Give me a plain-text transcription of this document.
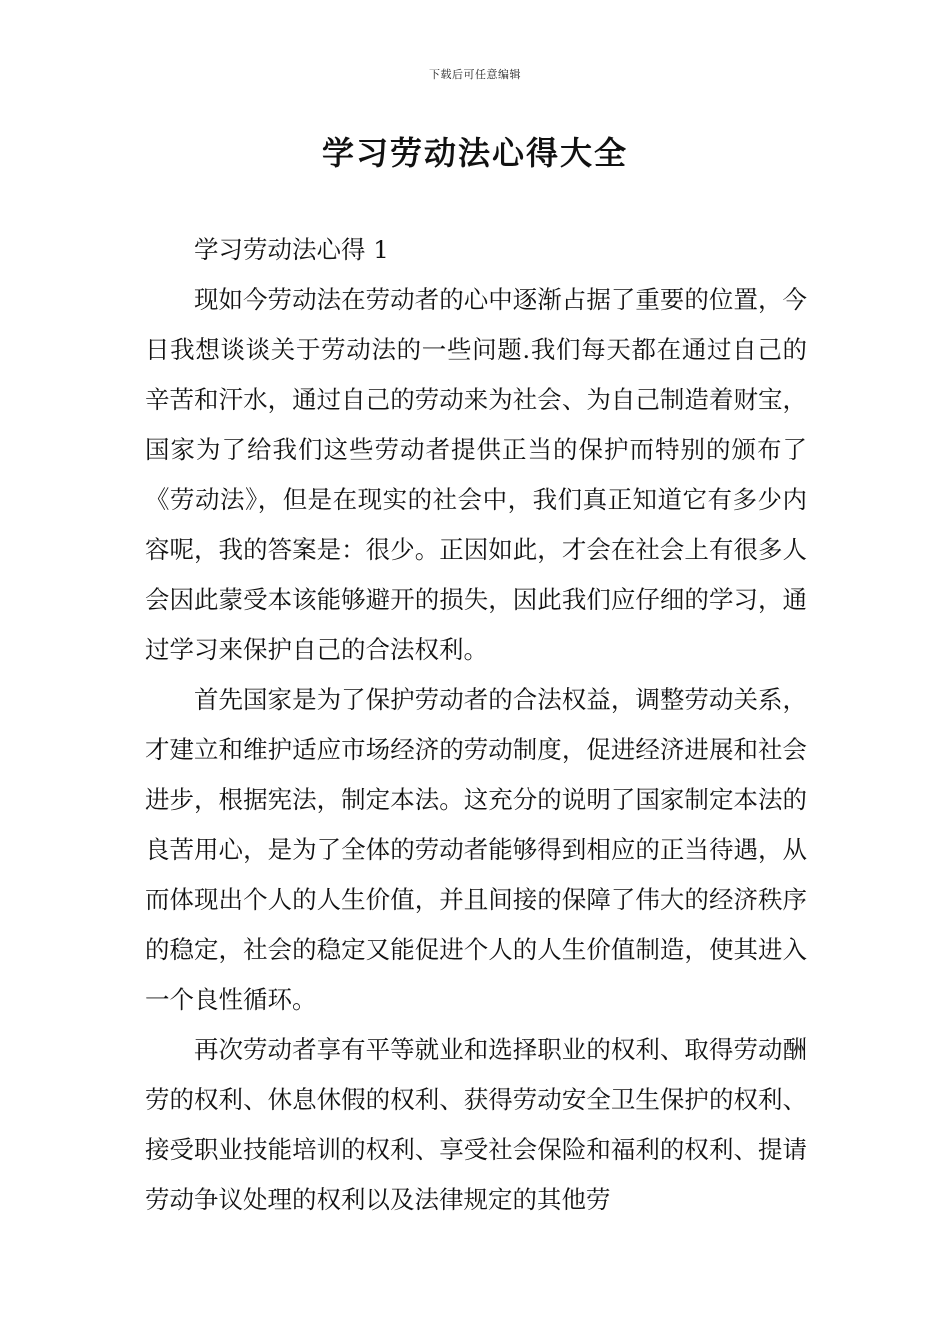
下载后可任意编辑
学习劳动法心得大全

学习劳动法心得 1

现如今劳动法在劳动者的心中逐渐占据了重要的位置，今日我想谈谈关于劳动法的一些问题.我们每天都在通过自己的辛苦和汗水，通过自己的劳动来为社会、为自己制造着财宝，国家为了给我们这些劳动者提供正当的保护而特别的颁布了《劳动法》，但是在现实的社会中，我们真正知道它有多少内容呢，我的答案是：很少。正因如此，才会在社会上有很多人会因此蒙受本该能够避开的损失，因此我们应仔细的学习，通过学习来保护自己的合法权利。

首先国家是为了保护劳动者的合法权益，调整劳动关系，才建立和维护适应市场经济的劳动制度，促进经济进展和社会进步，根据宪法，制定本法。这充分的说明了国家制定本法的良苦用心，是为了全体的劳动者能够得到相应的正当待遇，从而体现出个人的人生价值，并且间接的保障了伟大的经济秩序的稳定，社会的稳定又能促进个人的人生价值制造，使其进入一个良性循环。

再次劳动者享有平等就业和选择职业的权利、取得劳动酬劳的权利、休息休假的权利、获得劳动安全卫生保护的权利、接受职业技能培训的权利、享受社会保险和福利的权利、提请劳动争议处理的权利以及法律规定的其他劳
